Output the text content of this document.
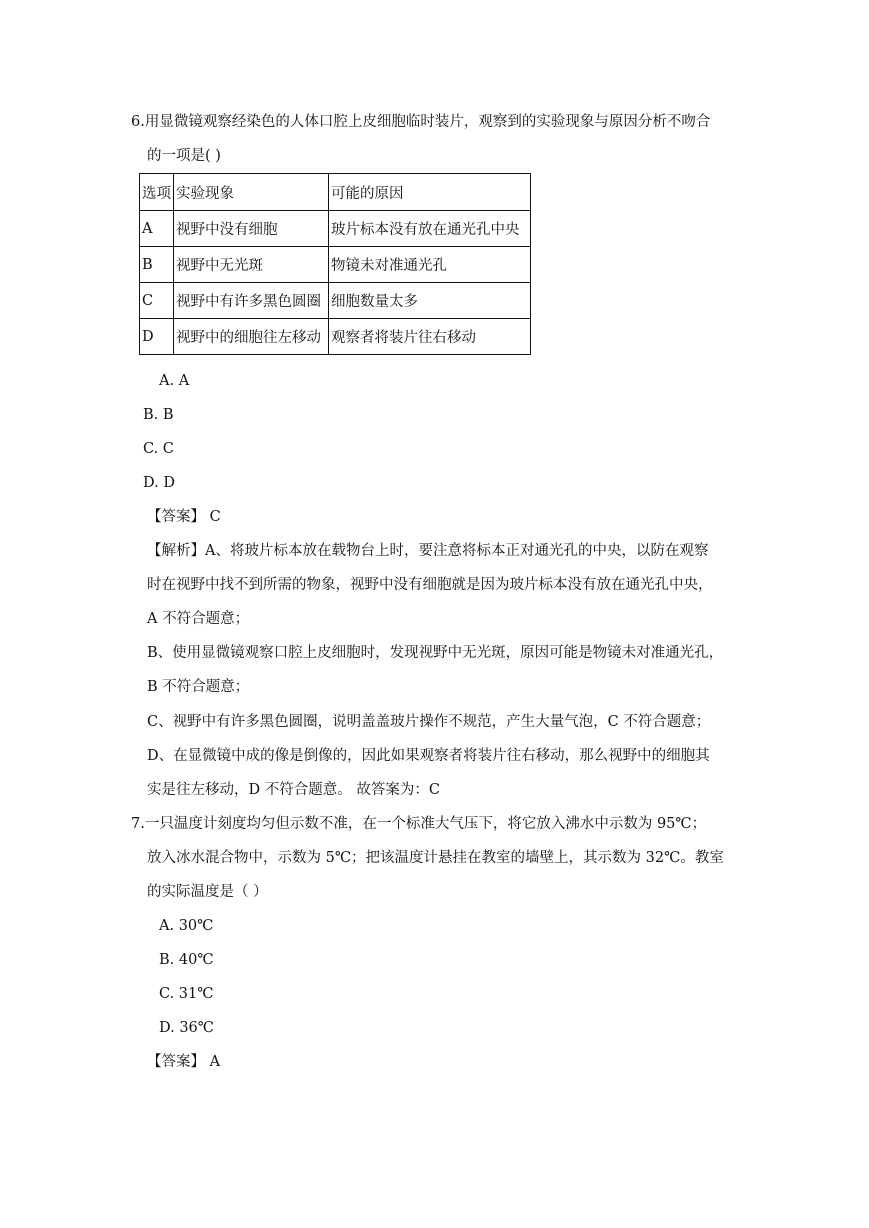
6.用显微镜观察经染色的人体口腔上皮细胞临时装片，观察到的实验现象与原因分析不吻合
的一项是( )
选项	实验现象	可能的原因
A	视野中没有细胞	玻片标本没有放在通光孔中央
B	视野中无光斑	物镜未对准通光孔
C	视野中有许多黑色圆圈	细胞数量太多
D	视野中的细胞往左移动	观察者将装片往右移动
A. A
B. B
C. C
D. D
【答案】 C
【解析】A、将玻片标本放在载物台上时，要注意将标本正对通光孔的中央，以防在观察
时在视野中找不到所需的物象，视野中没有细胞就是因为玻片标本没有放在通光孔中央，
A 不符合题意；
B、使用显微镜观察口腔上皮细胞时，发现视野中无光斑，原因可能是物镜未对准通光孔，
B 不符合题意；
C、视野中有许多黑色圆圈，说明盖盖玻片操作不规范，产生大量气泡，C 不符合题意；
D、在显微镜中成的像是倒像的，因此如果观察者将装片往右移动，那么视野中的细胞其
实是往左移动，D 不符合题意。 故答案为：C
7.一只温度计刻度均匀但示数不准，在一个标准大气压下，将它放入沸水中示数为 95℃；
放入冰水混合物中，示数为 5℃；把该温度计悬挂在教室的墙壁上，其示数为 32℃。教室
的实际温度是（ ）
A. 30℃
B. 40℃
C. 31℃
D. 36℃
【答案】 A
